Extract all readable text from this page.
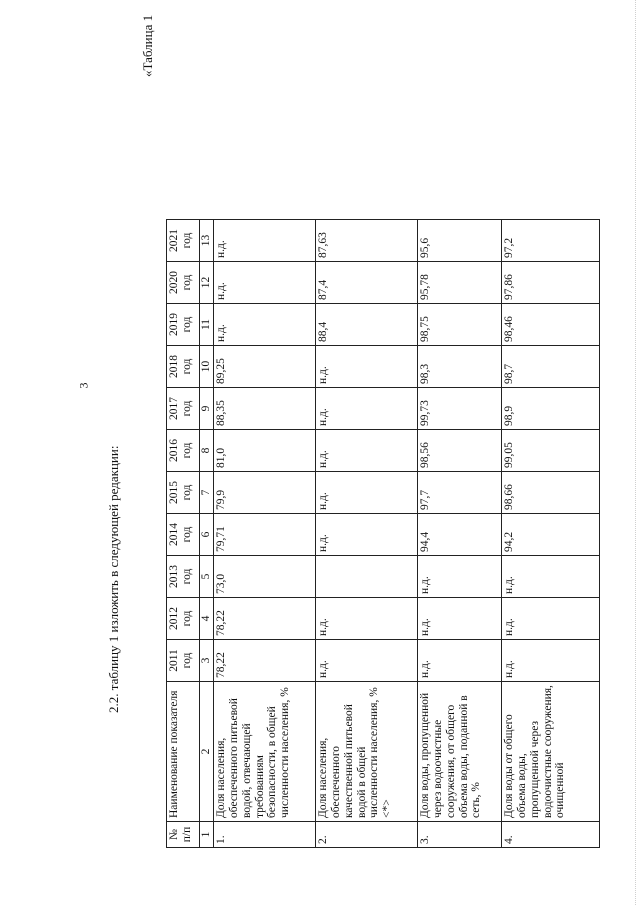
3
2.2. таблицу 1 изложить в следующей редакции:
«Таблица 1
№ п/п	Наименование показателя	2011 год	2012 год	2013 год	2014 год	2015 год	2016 год	2017 год	2018 год	2019 год	2020 год	2021 год
1	2	3	4	5	6	7	8	9	10	11	12	13
1.	Доля населения, обеспеченного питьевой водой, отвечающей требованиям безопасности, в общей численности населения, %	78,22	78,22	73,0	79,71	79,9	81,0	88,35	89,25	н.д.	н.д.	н.д.
2.	Доля населения, обеспеченного качественной питьевой водой в общей численности населения, % <*>	н.д.	н.д.		н.д.	н.д.	н.д.	н.д.	н.д.	88,4	87,4	87,63
3.	Доля воды, пропущенной через водоочистные сооружения, от общего объема воды, поданной в сеть, %	н.д.	н.д.	н.д.	94,4	97,7	98,56	99,73	98,3	98,75	95,78	95,6
4.	Доля воды от общего объема воды, пропущенной через водоочистные сооружения, очищенной	н.д.	н.д.	н.д.	94,2	98,66	99,05	98,9	98,7	98,46	97,86	97,2
